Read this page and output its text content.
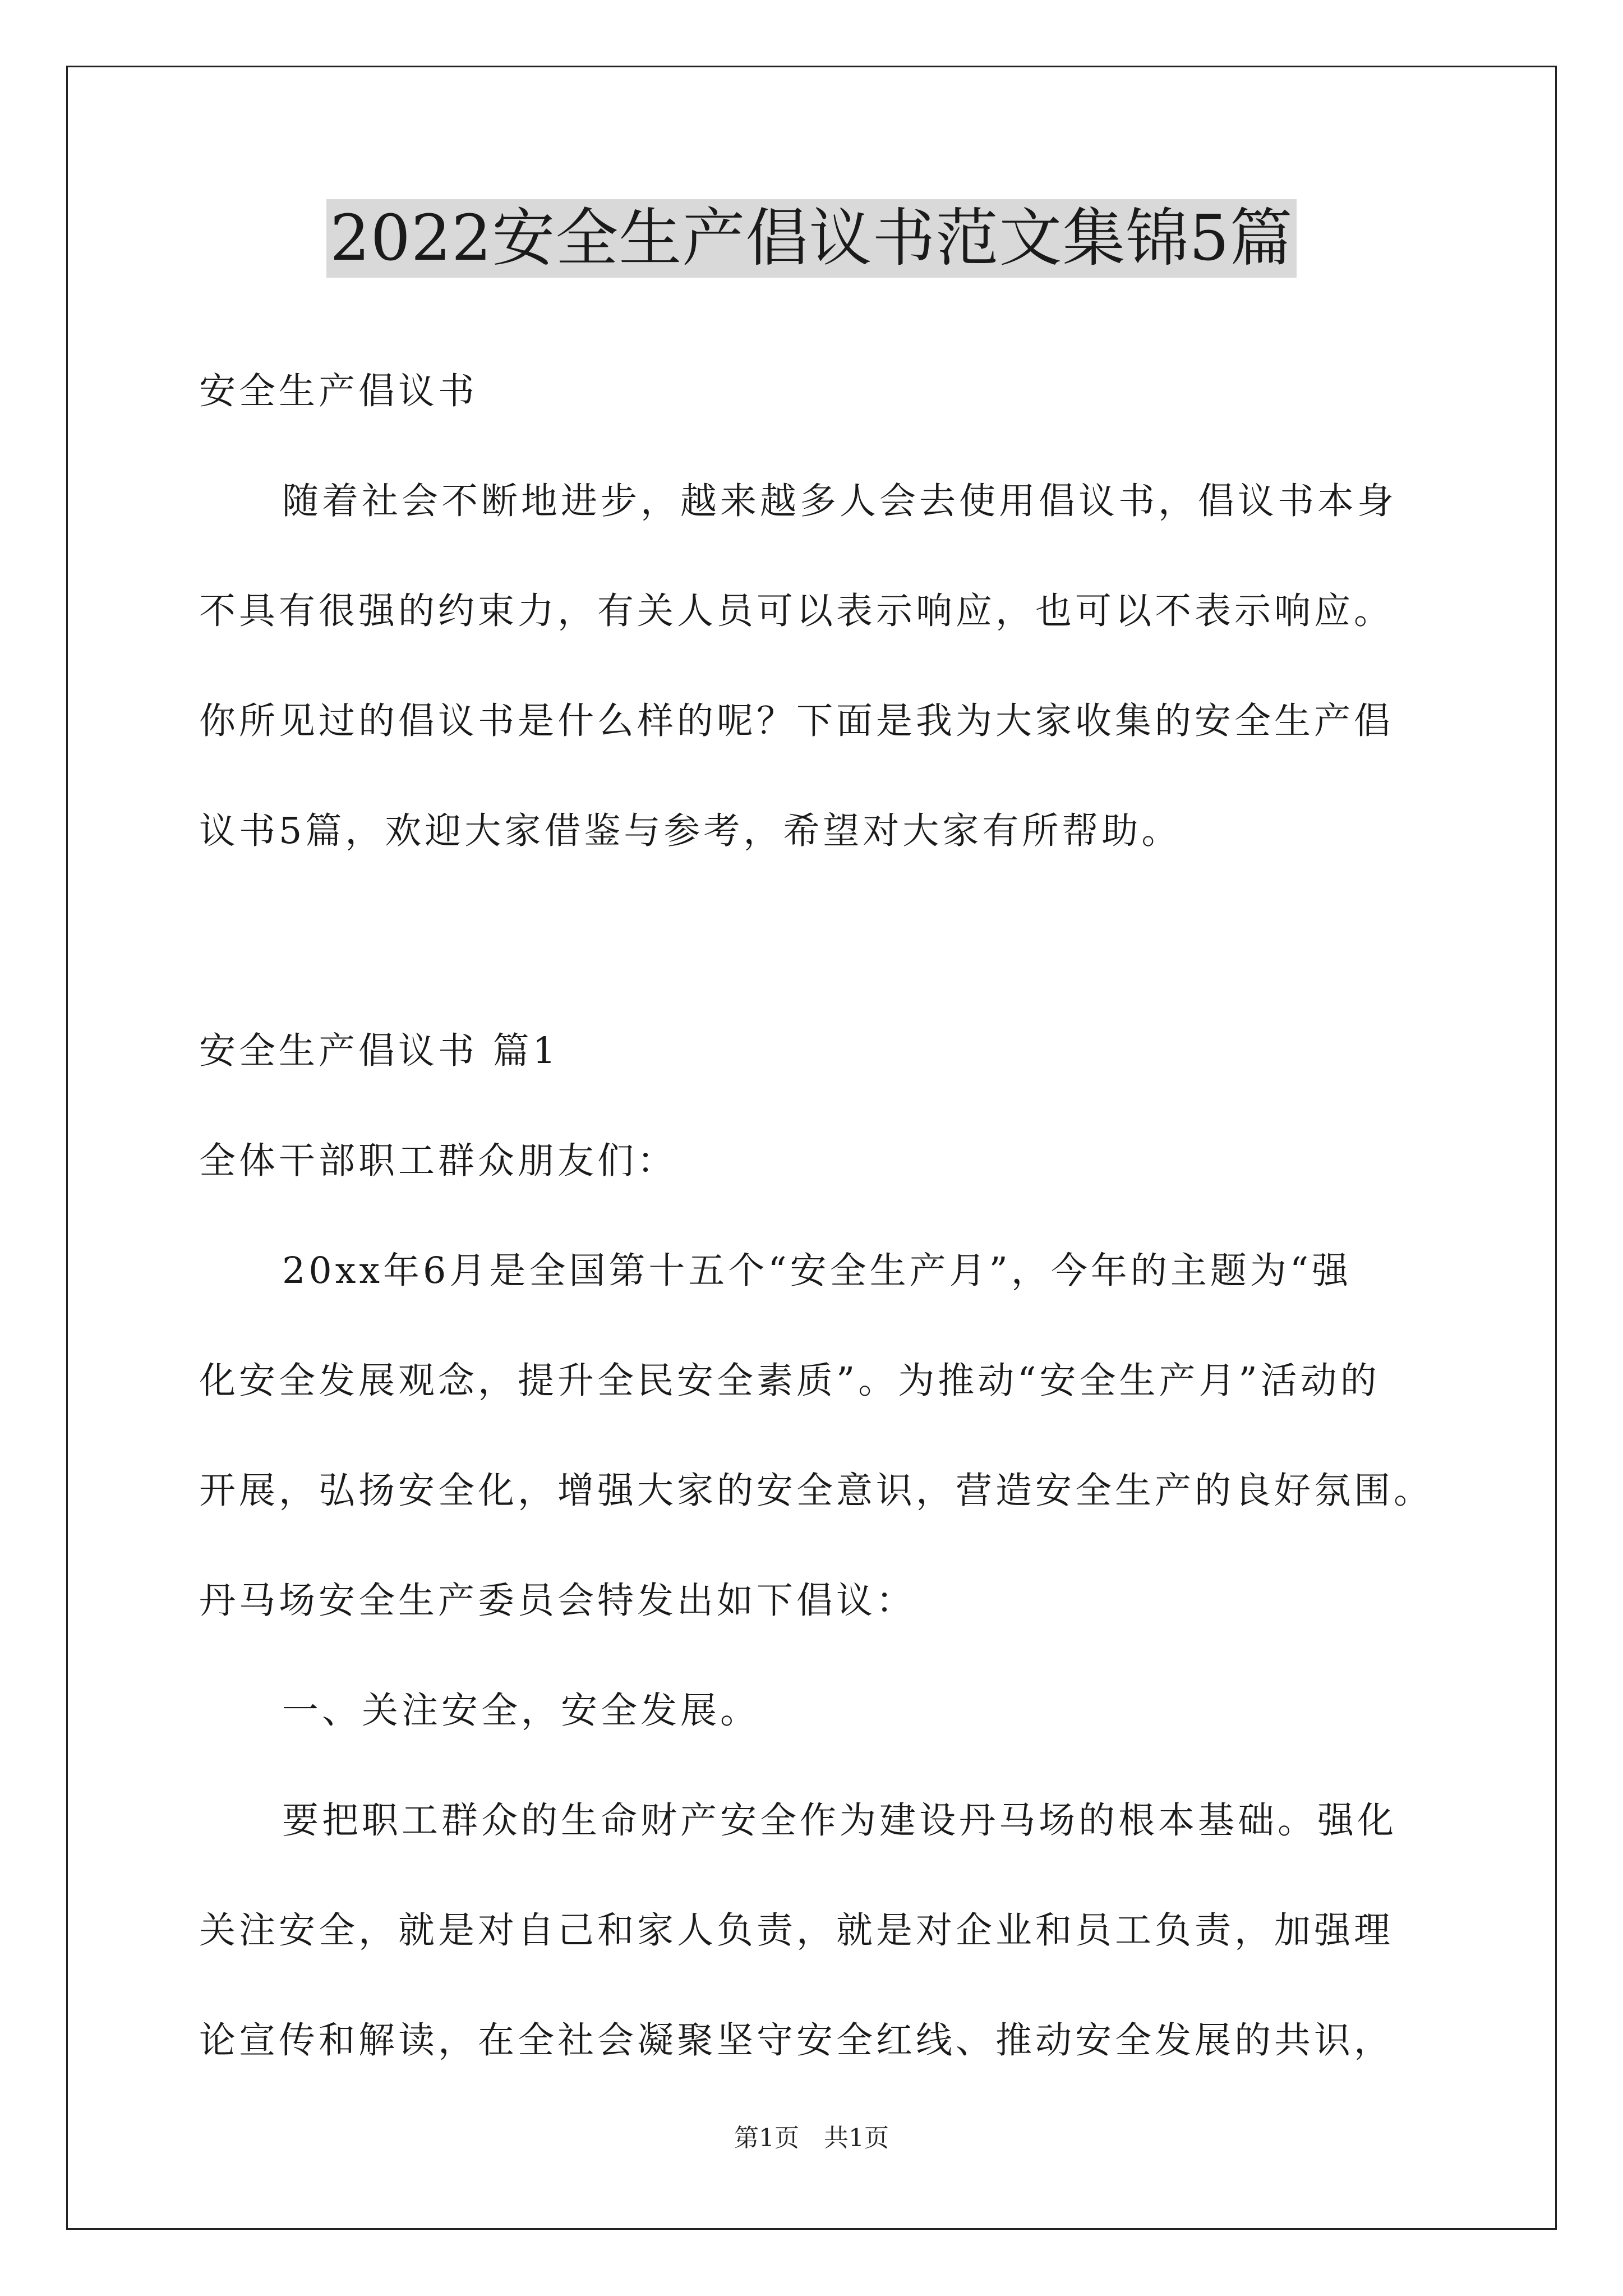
2022安全生产倡议书范文集锦5篇

安全生产倡议书

随着社会不断地进步，越来越多人会去使用倡议书，倡议书本身

不具有很强的约束力，有关人员可以表示响应，也可以不表示响应。

你所见过的倡议书是什么样的呢？下面是我为大家收集的安全生产倡

议书5篇，欢迎大家借鉴与参考，希望对大家有所帮助。

安全生产倡议书 篇1

全体干部职工群众朋友们：

20xx年6月是全国第十五个“安全生产月”，今年的主题为“强

化安全发展观念，提升全民安全素质”。为推动“安全生产月”活动的

开展，弘扬安全化，增强大家的安全意识，营造安全生产的良好氛围。

丹马场安全生产委员会特发出如下倡议：

一、关注安全，安全发展。

要把职工群众的生命财产安全作为建设丹马场的根本基础。强化

关注安全，就是对自己和家人负责，就是对企业和员工负责，加强理

论宣传和解读，在全社会凝聚坚守安全红线、推动安全发展的共识，

第1页　共1页
